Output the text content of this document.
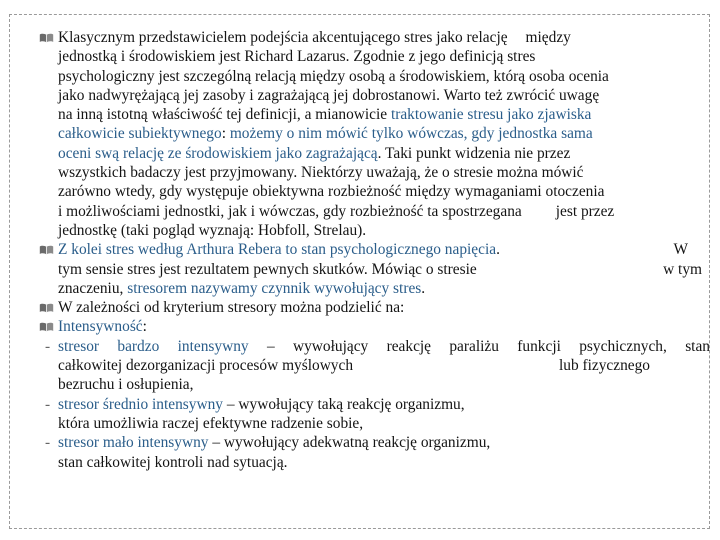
Klasycznym przedstawicielem podejścia akcentującego stres jako relację między
jednostką i środowiskiem jest Richard Lazarus. Zgodnie z jego definicją stres
psychologiczny jest szczególną relacją między osobą a środowiskiem, którą osoba ocenia
jako nadwyrężającą jej zasoby i zagrażającą jej dobrostanowi. Warto też zwrócić uwagę
na inną istotną właściwość tej definicji, a mianowicie traktowanie stresu jako zjawiska
całkowicie subiektywnego: możemy o nim mówić tylko wówczas, gdy jednostka sama
oceni swą relację ze środowiskiem jako zagrażającą. Taki punkt widzenia nie przez
wszystkich badaczy jest przyjmowany. Niektórzy uważają, że o stresie można mówić
zarówno wtedy, gdy występuje obiektywna rozbieżność między wymaganiami otoczenia
i możliwościami jednostki, jak i wówczas, gdy rozbieżność ta spostrzegana jest przez
jednostkę (taki pogląd wyznają: Hobfoll, Strelau).
Z kolei stres według Arthura Rebera to stan psychologicznego napięcia.	W
tym sensie stres jest rezultatem pewnych skutków. Mówiąc o stresie	w tym
znaczeniu, stresorem nazywamy czynnik wywołujący stres.
W zależności od kryterium stresory można podzielić na:
Intensywność:
- stresor bardzo intensywny – wywołujący reakcję paraliżu funkcji psychicznych, stan
całkowitej dezorganizacji procesów myślowych	lub fizycznego
bezruchu i osłupienia,
- stresor średnio intensywny – wywołujący taką reakcję organizmu,
która umożliwia raczej efektywne radzenie sobie,
- stresor mało intensywny – wywołujący adekwatną reakcję organizmu,
stan całkowitej kontroli nad sytuacją.
